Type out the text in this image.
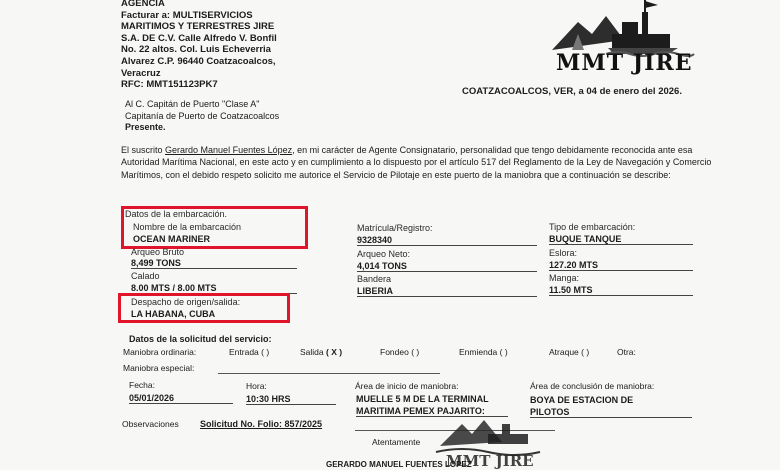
AGENCIA
Facturar a: MULTISERVICIOS
MARITIMOS Y TERRESTRES JIRE
S.A. DE C.V. Calle Alfredo V. Bonfil
No. 22 altos. Col. Luis Echeverria
Alvarez C.P. 96440 Coatzacoalcos,
Veracruz
RFC: MMT151123PK7
MMT JIRE
COATZACOALCOS, VER, a 04 de enero del 2026.
Al C. Capitán de Puerto "Clase A"
Capitanía de Puerto de Coatzacoalcos
Presente.
El suscrito Gerardo Manuel Fuentes López, en mi carácter de Agente Consignatario, personalidad que tengo debidamente reconocida ante esa Autoridad Marítima Nacional, en este acto y en cumplimiento a lo dispuesto por el artículo 517 del Reglamento de la Ley de Navegación y Comercio Marítimos, con el debido respeto solicito me autorice el Servicio de Pilotaje en este puerto de la maniobra que a continuación se describe:
Datos de la embarcación.
Nombre de la embarcación
OCEAN MARINER
Matrícula/Registro:
9328340
Tipo de embarcación:
BUQUE TANQUE
Arqueo Bruto
8,499 TONS
Arqueo Neto:
4,014 TONS
Eslora:
127.20 MTS
Calado
8.00 MTS / 8.00 MTS
Bandera
LIBERIA
Manga:
11.50 MTS
Despacho de origen/salida:
LA HABANA, CUBA
Datos de la solicitud del servicio:
Maniobra ordinaria:	Entrada ( )	Salida ( X )	Fondeo ( )	Enmienda ( )	Atraque ( )	Otra:
Maniobra especial:
Fecha:
05/01/2026
Hora:
10:30 HRS
Área de inicio de maniobra:
MUELLE 5 M DE LA TERMINAL
MARITIMA PEMEX PAJARITO:
Área de conclusión de maniobra:
BOYA DE ESTACION DE
PILOTOS
Observaciones Solicitud No. Folio: 857/2025
Atentamente
MMT JIRE
GERARDO MANUEL FUENTES LOPEZ
